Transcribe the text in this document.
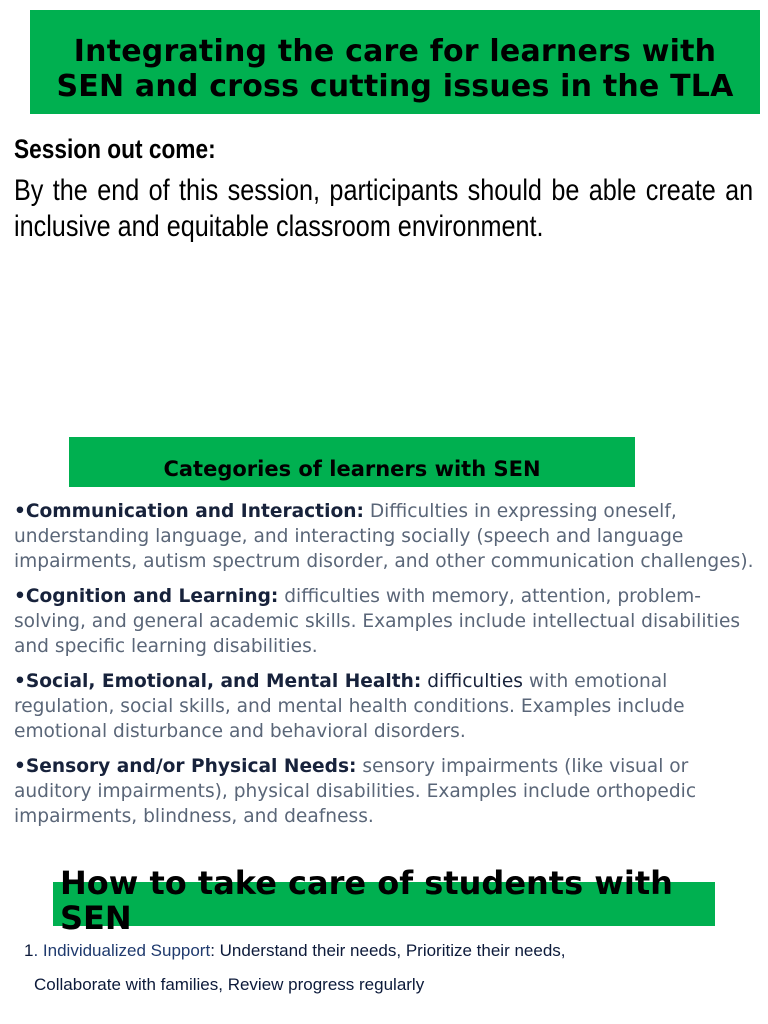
Integrating the care for learners with
SEN and cross cutting issues in the TLA
Session out come:
By the end of this session, participants should be able create an inclusive and equitable classroom environment.
Categories of learners with SEN

•Communication and Interaction: Difficulties in expressing oneself, understanding language, and interacting socially (speech and language impairments, autism spectrum disorder, and other communication challenges).

•Cognition and Learning: difficulties with memory, attention, problem-solving, and general academic skills. Examples include intellectual disabilities and specific learning disabilities.

•Social, Emotional, and Mental Health: difficulties with emotional regulation, social skills, and mental health conditions. Examples include emotional disturbance and behavioral disorders.

•Sensory and/or Physical Needs: sensory impairments (like visual or auditory impairments), physical disabilities. Examples include orthopedic impairments, blindness, and deafness.

How to take care of students with SEN
1. Individualized Support: Understand their needs, Prioritize their needs,
Collaborate with families, Review progress regularly
